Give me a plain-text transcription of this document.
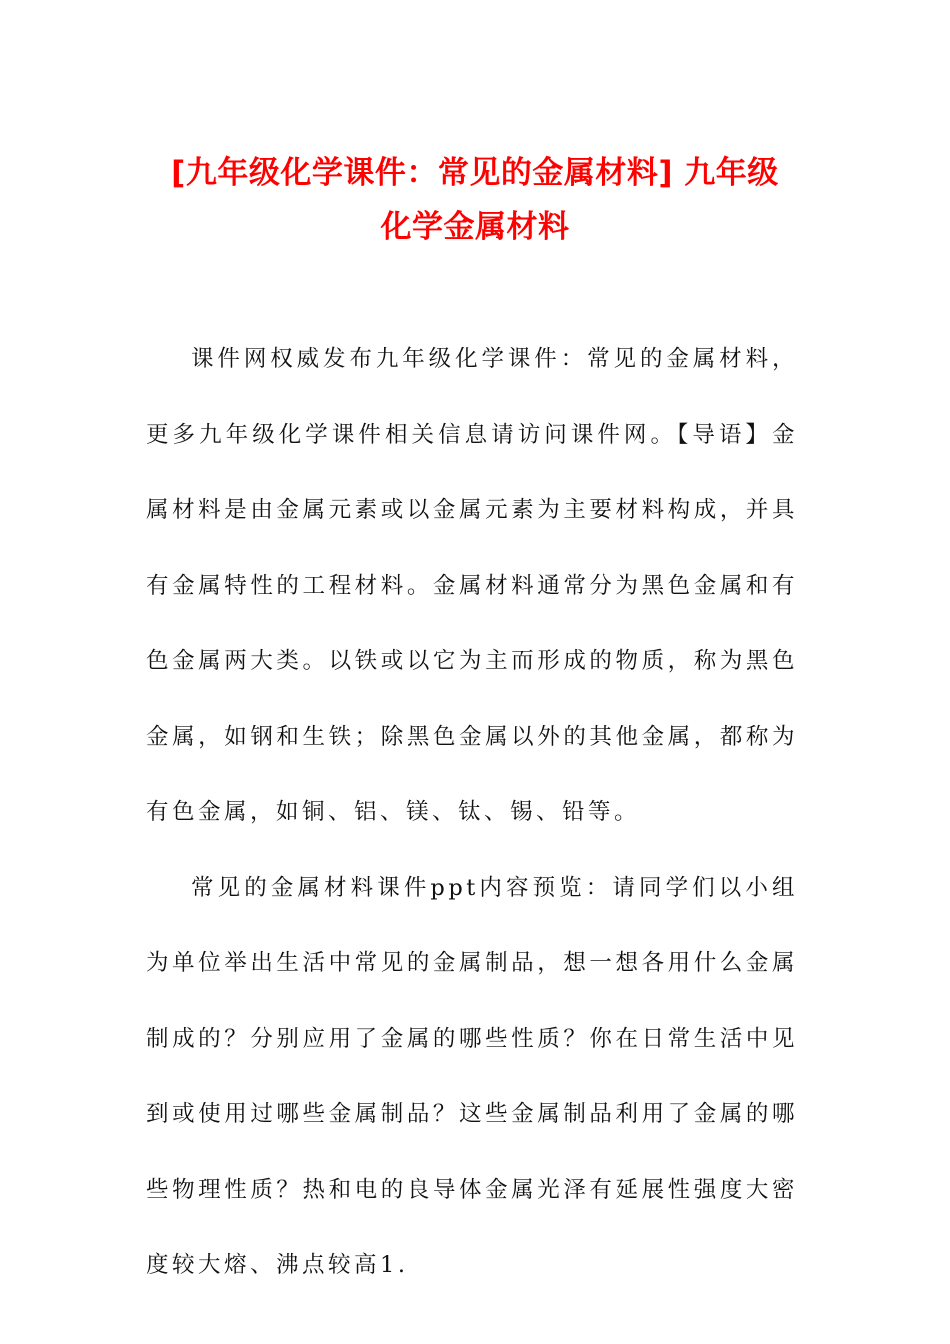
[九年级化学课件：常见的金属材料] 九年级
化学金属材料

课件网权威发布九年级化学课件：常见的金属材料，更多九年级化学课件相关信息请访问课件网。【导语】金属材料是由金属元素或以金属元素为主要材料构成，并具有金属特性的工程材料。金属材料通常分为黑色金属和有色金属两大类。以铁或以它为主而形成的物质，称为黑色金属，如钢和生铁；除黑色金属以外的其他金属，都称为有色金属，如铜、铝、镁、钛、锡、铅等。

常见的金属材料课件ppt内容预览：请同学们以小组为单位举出生活中常见的金属制品，想一想各用什么金属制成的？分别应用了金属的哪些性质？你在日常生活中见到或使用过哪些金属制品？这些金属制品利用了金属的哪些物理性质？热和电的良导体金属光泽有延展性强度大密度较大熔、沸点较高1.
